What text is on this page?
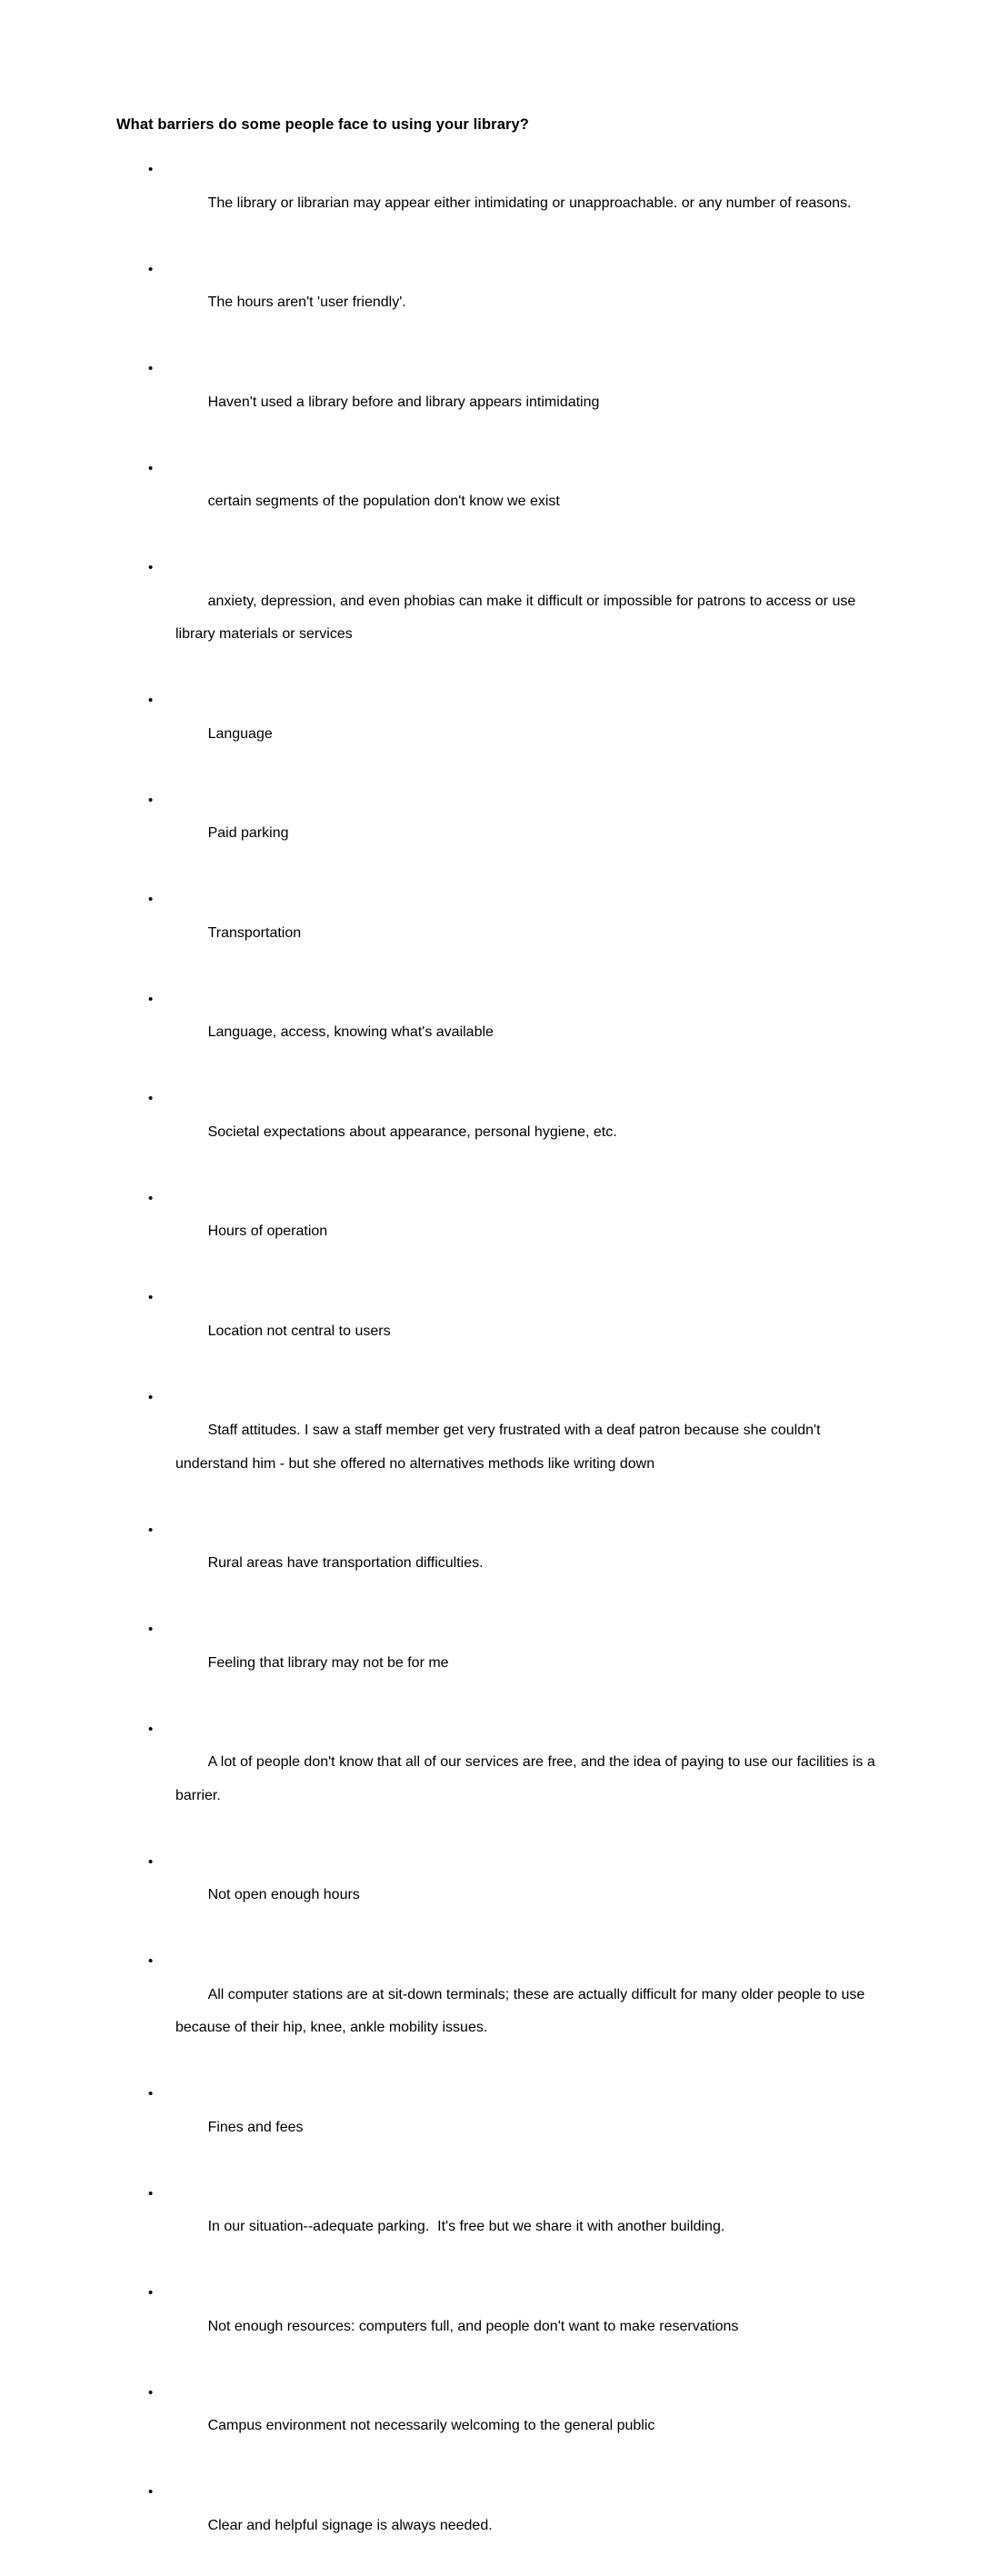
What barriers do some people face to using your library?

• The library or librarian may appear either intimidating or unapproachable. or any number of reasons.

• The hours aren't 'user friendly'.

• Haven't used a library before and library appears intimidating

• certain segments of the population don't know we exist

• anxiety, depression, and even phobias can make it difficult or impossible for patrons to access or use library materials or services

• Language

• Paid parking

• Transportation

• Language, access, knowing what's available

• Societal expectations about appearance, personal hygiene, etc.

• Hours of operation

• Location not central to users

• Staff attitudes. I saw a staff member get very frustrated with a deaf patron because she couldn't understand him - but she offered no alternatives methods like writing down

• Rural areas have transportation difficulties.

• Feeling that library may not be for me

• A lot of people don't know that all of our services are free, and the idea of paying to use our facilities is a barrier.

• Not open enough hours

• All computer stations are at sit-down terminals; these are actually difficult for many older people to use because of their hip, knee, ankle mobility issues.

• Fines and fees

• In our situation--adequate parking.  It's free but we share it with another building.

• Not enough resources: computers full, and people don't want to make reservations

• Campus environment not necessarily welcoming to the general public

• Clear and helpful signage is always needed.
